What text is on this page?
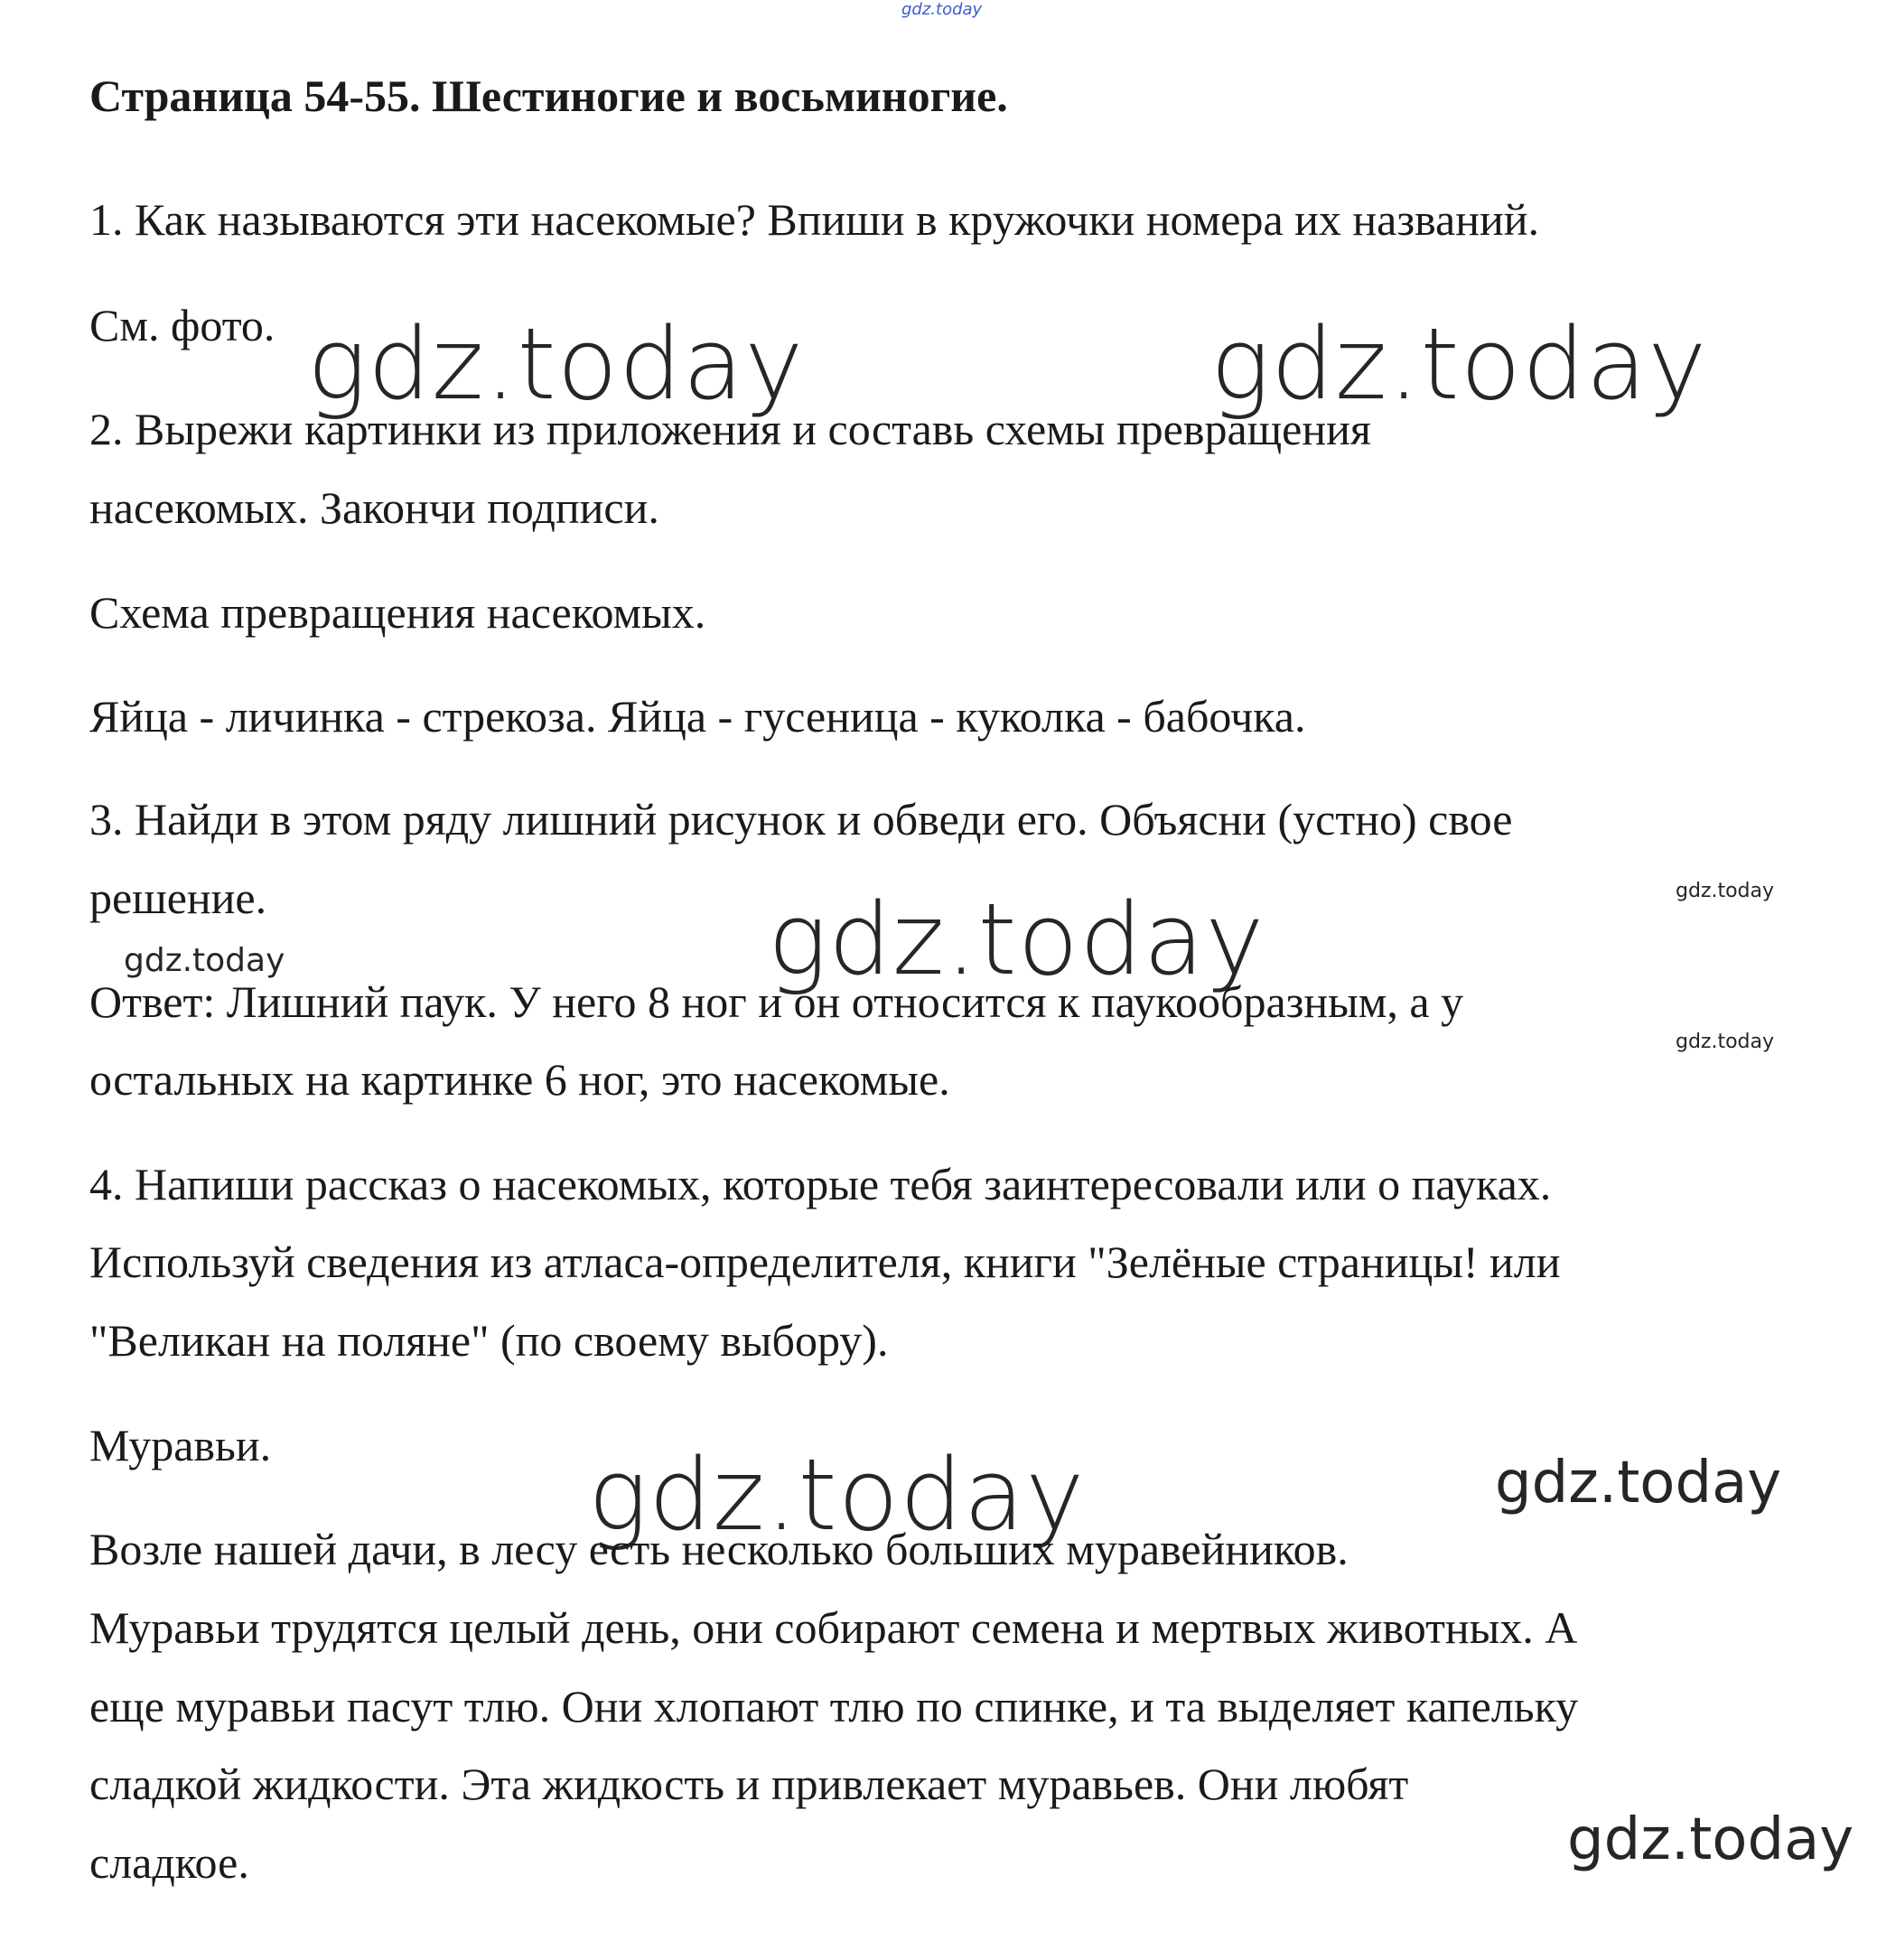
gdz.today
gdz.today	gdz.today
gdz.today
gdz.today
gdz.today
gdz.today
gdz.today	gdz.today
gdz.today

Страница 54-55. Шестиногие и восьминогие.

1. Как называются эти насекомые? Впиши в кружочки номера их названий.

См. фото.

2. Вырежи картинки из приложения и составь схемы превращения

насекомых. Закончи подписи.

Схема превращения насекомых.

Яйца - личинка - стрекоза. Яйца - гусеница - куколка - бабочка.

3. Найди в этом ряду лишний рисунок и обведи его. Объясни (устно) свое

решение.

Ответ: Лишний паук. У него 8 ног и он относится к паукообразным, а у

остальных на картинке 6 ног, это насекомые.

4. Напиши рассказ о насекомых, которые тебя заинтересовали или о пауках.

Используй сведения из атласа-определителя, книги "Зелёные страницы! или

"Великан на поляне" (по своему выбору).

Муравьи.

Возле нашей дачи, в лесу есть несколько больших муравейников.

Муравьи трудятся целый день, они собирают семена и мертвых животных. А

еще муравьи пасут тлю. Они хлопают тлю по спинке, и та выделяет капельку

сладкой жидкости. Эта жидкость и привлекает муравьев. Они любят

сладкое.
